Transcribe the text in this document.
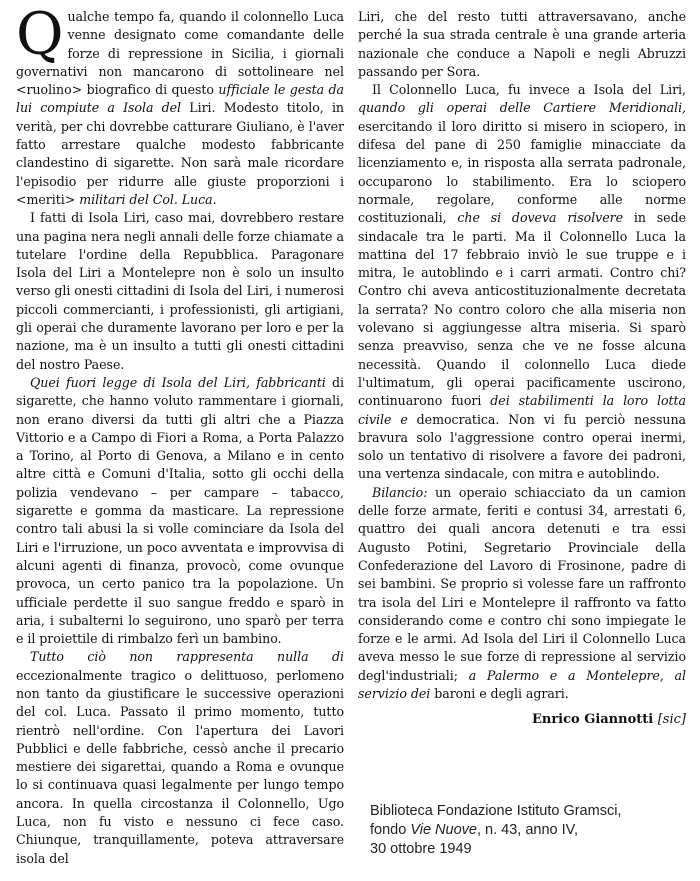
Qualche tempo fa, quando il colonnello Luca venne designato come comandante delle forze di repressione in Sicilia, i giornali governativi non mancarono di sottolineare nel <ruolino> biografico di questo ufficiale le gesta da lui compiute a Isola del Liri. Modesto titolo, in verità, per chi dovrebbe catturare Giuliano, è l'aver fatto arrestare qualche modesto fabbricante clandestino di sigarette. Non sarà male ricordare l'episodio per ridurre alle giuste proporzioni i <meriti> militari del Col. Luca.

I fatti di Isola Liri, caso mai, dovrebbero restare una pagina nera negli annali delle forze chiamate a tutelare l'ordine della Repubblica. Paragonare Isola del Liri a Montelepre non è solo un insulto verso gli onesti cittadini di Isola del Liri, i numerosi piccoli commercianti, i professionisti, gli artigiani, gli operai che duramente lavorano per loro e per la nazione, ma è un insulto a tutti gli onesti cittadini del nostro Paese.

Quei fuori legge di Isola del Liri, fabbricanti di sigarette, che hanno voluto rammentare i giornali, non erano diversi da tutti gli altri che a Piazza Vittorio e a Campo di Fiori a Roma, a Porta Palazzo a Torino, al Porto di Genova, a Milano e in cento altre città e Comuni d'Italia, sotto gli occhi della polizia vendevano – per campare – tabacco, sigarette e gomma da masticare. La repressione contro tali abusi la si volle cominciare da Isola del Liri e l'irruzione, un poco avventata e improvvisa di alcuni agenti di finanza, provocò, come ovunque provoca, un certo panico tra la popolazione. Un ufficiale perdette il suo sangue freddo e sparò in aria, i subalterni lo seguirono, uno sparò per terra e il proiettile di rimbalzo ferì un bambino.

Tutto ciò non rappresenta nulla di eccezionalmente tragico o delittuoso, perlomeno non tanto da giustificare le successive operazioni del col. Luca. Passato il primo momento, tutto rientrò nell'ordine. Con l'apertura dei Lavori Pubblici e delle fabbriche, cessò anche il precario mestiere dei sigarettai, quando a Roma e ovunque lo si continuava quasi legalmente per lungo tempo ancora. In quella circostanza il Colonnello, Ugo Luca, non fu visto e nessuno ci fece caso. Chiunque, tranquillamente, poteva attraversare isola del

Liri, che del resto tutti attraversavano, anche perché la sua strada centrale è una grande arteria nazionale che conduce a Napoli e negli Abruzzi passando per Sora.

Il Colonnello Luca, fu invece a Isola del Liri, quando gli operai delle Cartiere Meridionali, esercitando il loro diritto si misero in sciopero, in difesa del pane di 250 famiglie minacciate da licenziamento e, in risposta alla serrata padronale, occuparono lo stabilimento. Era lo sciopero normale, regolare, conforme alle norme costituzionali, che si doveva risolvere in sede sindacale tra le parti. Ma il Colonnello Luca la mattina del 17 febbraio inviò le sue truppe e i mitra, le autoblindo e i carri armati. Contro chi? Contro chi aveva anticostituzionalmente decretata la serrata? No contro coloro che alla miseria non volevano si aggiungesse altra miseria. Si sparò senza preavviso, senza che ve ne fosse alcuna necessità. Quando il colonnello Luca diede l'ultimatum, gli operai pacificamente uscirono, continuarono fuori dei stabilimenti la loro lotta civile e democratica. Non vi fu perciò nessuna bravura solo l'aggressione contro operai inermi, solo un tentativo di risolvere a favore dei padroni, una vertenza sindacale, con mitra e autoblindo.

Bilancio: un operaio schiacciato da un camion delle forze armate, feriti e contusi 34, arrestati 6, quattro dei quali ancora detenuti e tra essi Augusto Potini, Segretario Provinciale della Confederazione del Lavoro di Frosinone, padre di sei bambini. Se proprio si volesse fare un raffronto tra isola del Liri e Montelepre il raffronto va fatto considerando come e contro chi sono impiegate le forze e le armi. Ad Isola del Liri il Colonnello Luca aveva messo le sue forze di repressione al servizio degl'industriali; a Palermo e a Montelepre, al servizio dei baroni e degli agrari.

Enrico Giannotti [sic]
Biblioteca Fondazione Istituto Gramsci,
fondo Vie Nuove, n. 43, anno IV,
30 ottobre 1949
